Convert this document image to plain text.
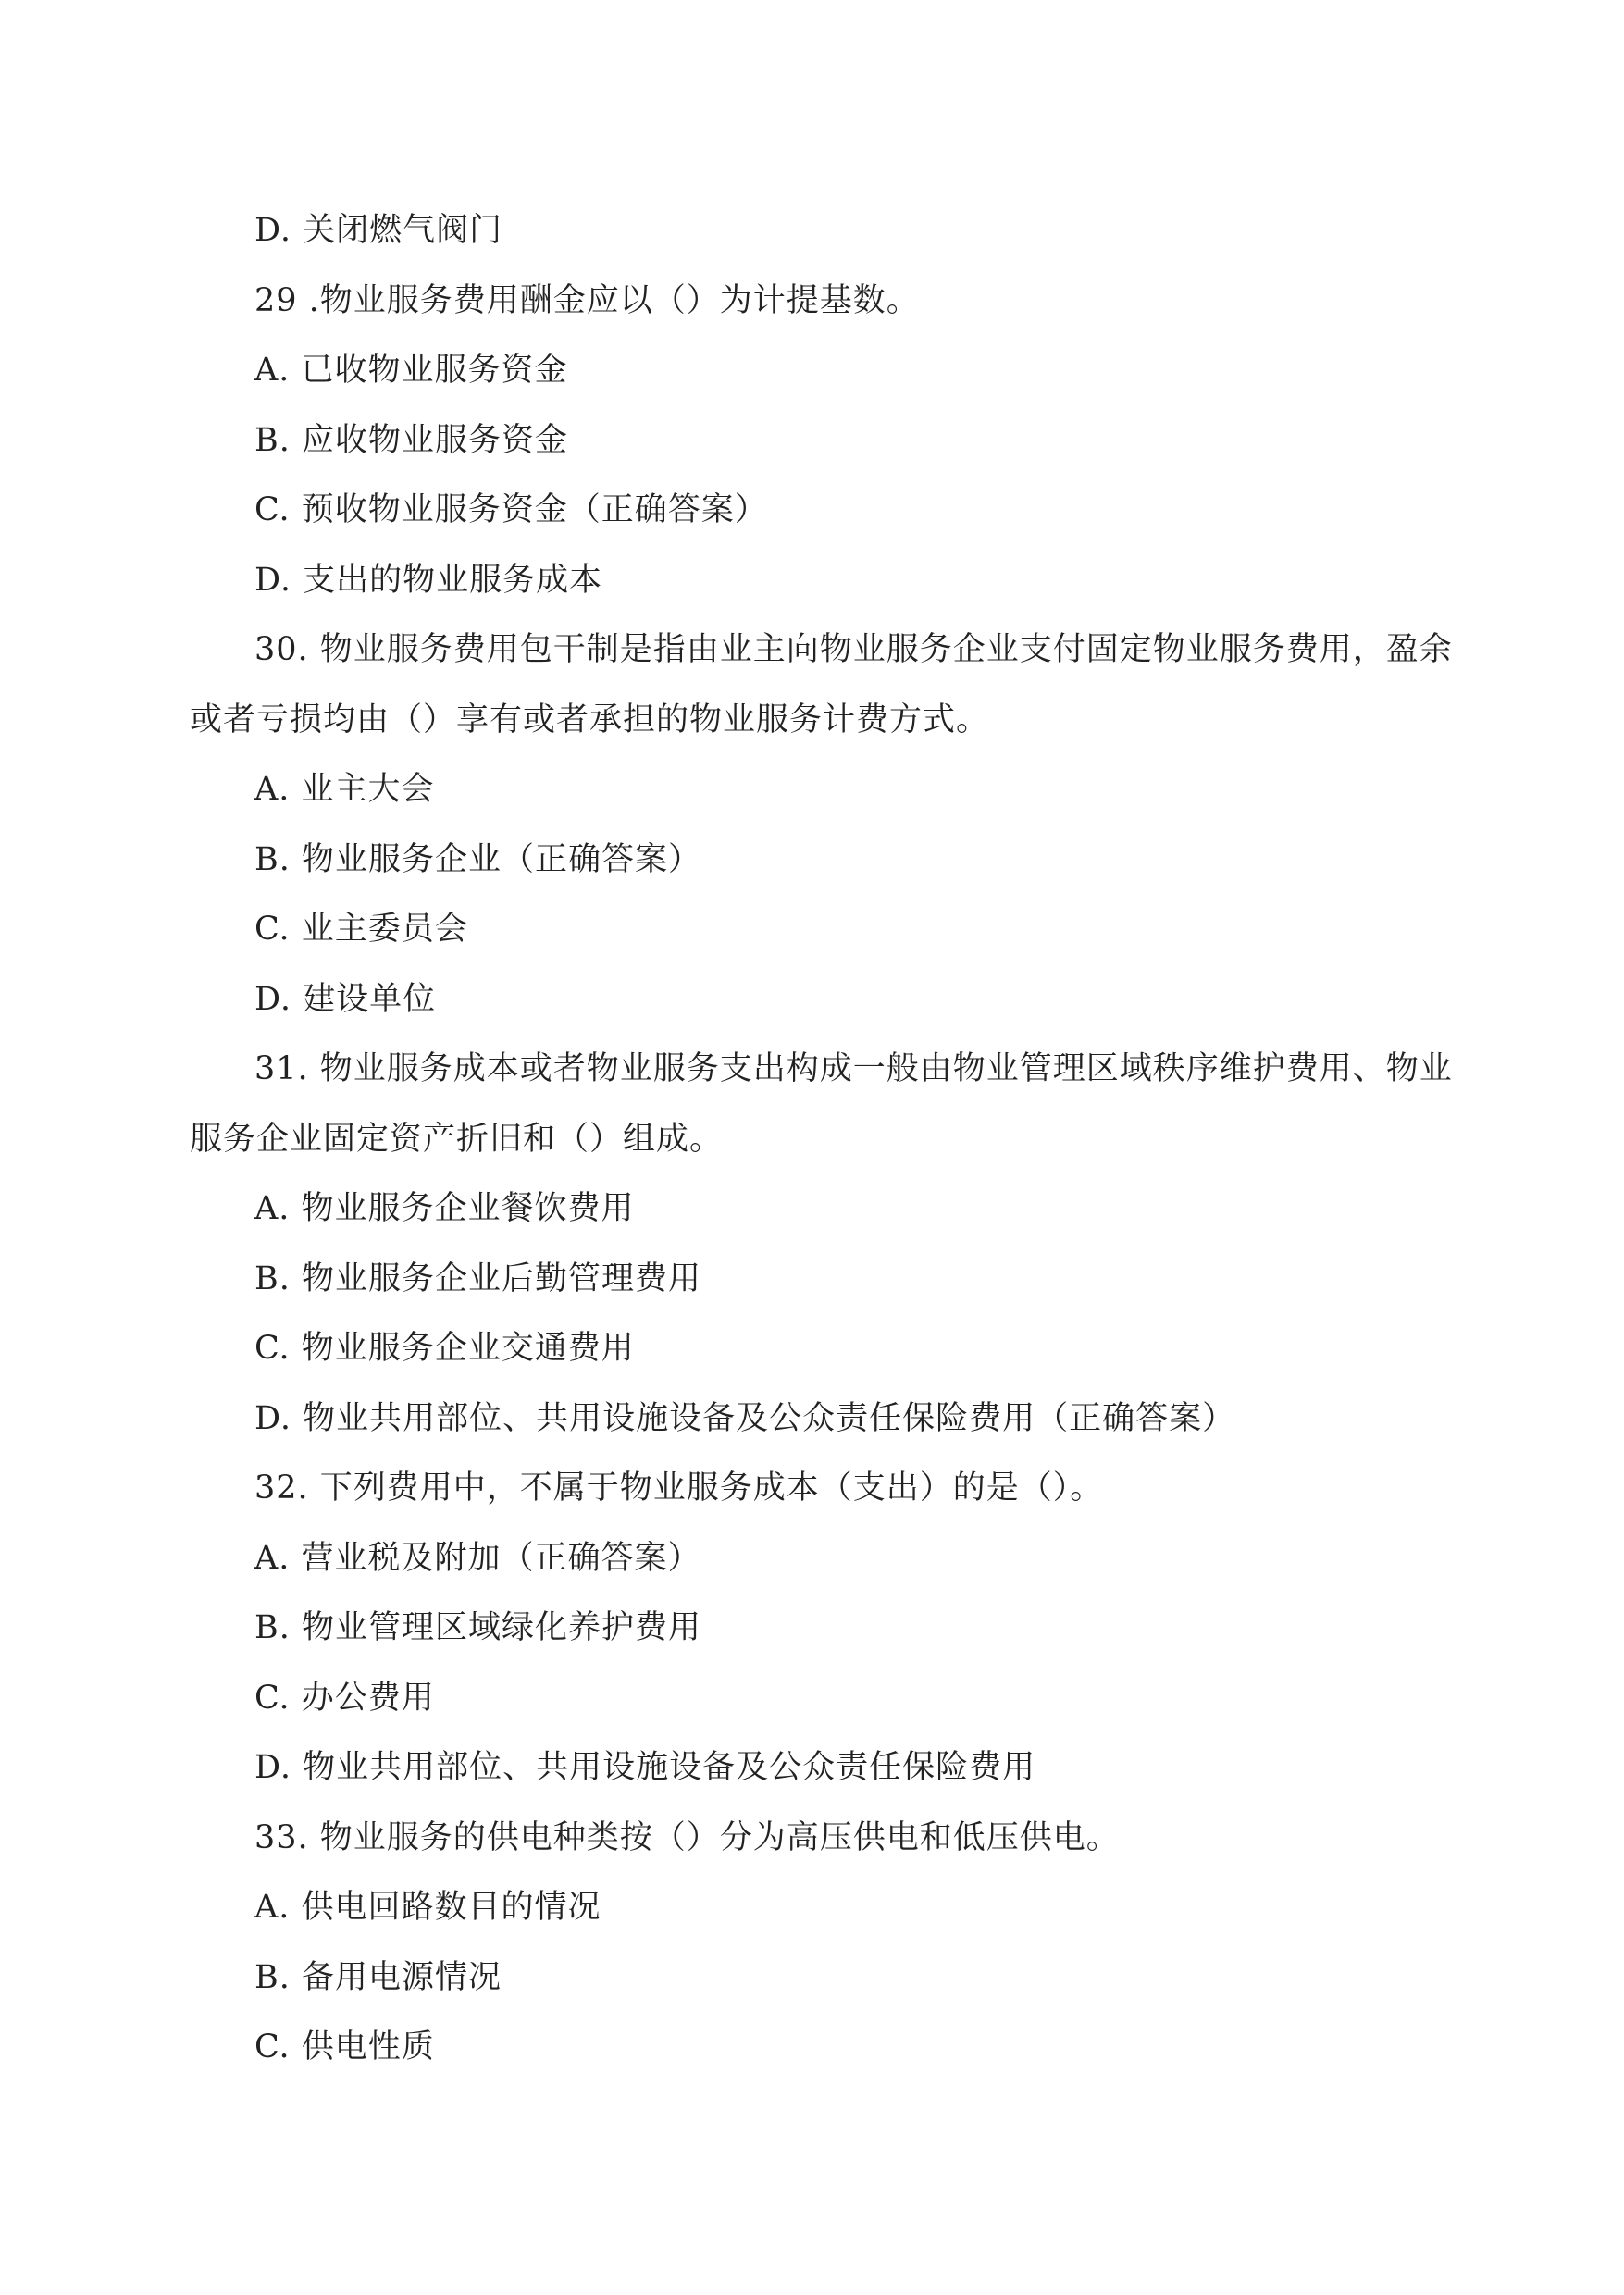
D. 关闭燃气阀门
29 .物业服务费用酬金应以（）为计提基数。
A. 已收物业服务资金
B. 应收物业服务资金
C. 预收物业服务资金（正确答案）
D. 支出的物业服务成本
30. 物业服务费用包干制是指由业主向物业服务企业支付固定物业服务费用，盈余
或者亏损均由（）享有或者承担的物业服务计费方式。
A. 业主大会
B. 物业服务企业（正确答案）
C. 业主委员会
D. 建设单位
31. 物业服务成本或者物业服务支出构成一般由物业管理区域秩序维护费用、物业
服务企业固定资产折旧和（）组成。
A. 物业服务企业餐饮费用
B. 物业服务企业后勤管理费用
C. 物业服务企业交通费用
D. 物业共用部位、共用设施设备及公众责任保险费用（正确答案）
32. 下列费用中，不属于物业服务成本（支出）的是（）。
A. 营业税及附加（正确答案）
B. 物业管理区域绿化养护费用
C. 办公费用
D. 物业共用部位、共用设施设备及公众责任保险费用
33. 物业服务的供电种类按（）分为高压供电和低压供电。
A. 供电回路数目的情况
B. 备用电源情况
C. 供电性质
